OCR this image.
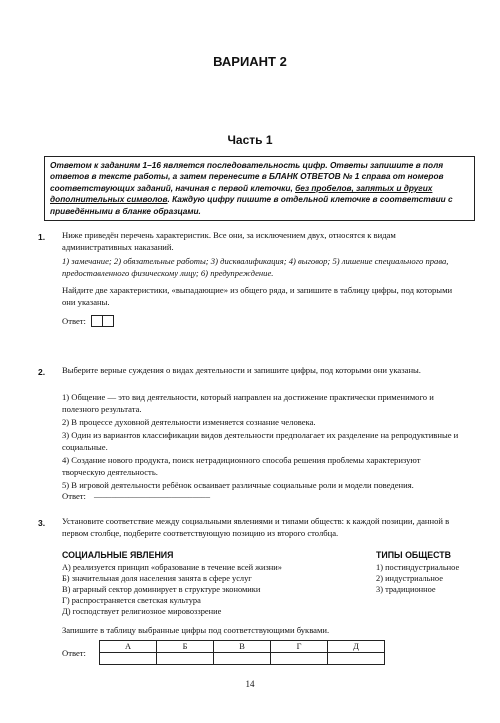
ВАРИАНТ 2
Часть 1
Ответом к заданиям 1–16 является последовательность цифр. Ответы запишите в поля ответов в тексте работы, а затем перенесите в БЛАНК ОТВЕТОВ № 1 справа от номеров соответствующих заданий, начиная с первой клеточки, без пробелов, запятых и других дополнительных символов. Каждую цифру пишите в отдельной клеточке в соответствии с приведёнными в бланке образцами.
1. Ниже приведён перечень характеристик. Все они, за исключением двух, относятся к видам административных наказаний.
1) замечание; 2) обязательные работы; 3) дисквалификация; 4) выговор; 5) лишение специального права, предоставленного физическому лицу; 6) предупреждение.
Найдите две характеристики, «выпадающие» из общего ряда, и запишите в таблицу цифры, под которыми они указаны.
Ответ:
2. Выберите верные суждения о видах деятельности и запишите цифры, под которыми они указаны.
1) Общение — это вид деятельности, который направлен на достижение практически применимого и полезного результата.
2) В процессе духовной деятельности изменяется сознание человека.
3) Один из вариантов классификации видов деятельности предполагает их разделение на репродуктивные и социальные.
4) Создание нового продукта, поиск нетрадиционного способа решения проблемы характеризуют творческую деятельность.
5) В игровой деятельности ребёнок осваивает различные социальные роли и модели поведения.
Ответ: ___________________________
3. Установите соответствие между социальными явлениями и типами обществ: к каждой позиции, данной в первом столбце, подберите соответствующую позицию из второго столбца.
СОЦИАЛЬНЫЕ ЯВЛЕНИЯ	ТИПЫ ОБЩЕСТВ
А) реализуется принцип «образование в течение всей жизни»
Б) значительная доля населения занята в сфере услуг
В) аграрный сектор доминирует в структуре экономики
Г) распространяется светская культура
Д) господствует религиозное мировоззрение
1) постиндустриальное
2) индустриальное
3) традиционное
Запишите в таблицу выбранные цифры под соответствующими буквами.
Ответ:
А	Б	В	Г	Д

14
